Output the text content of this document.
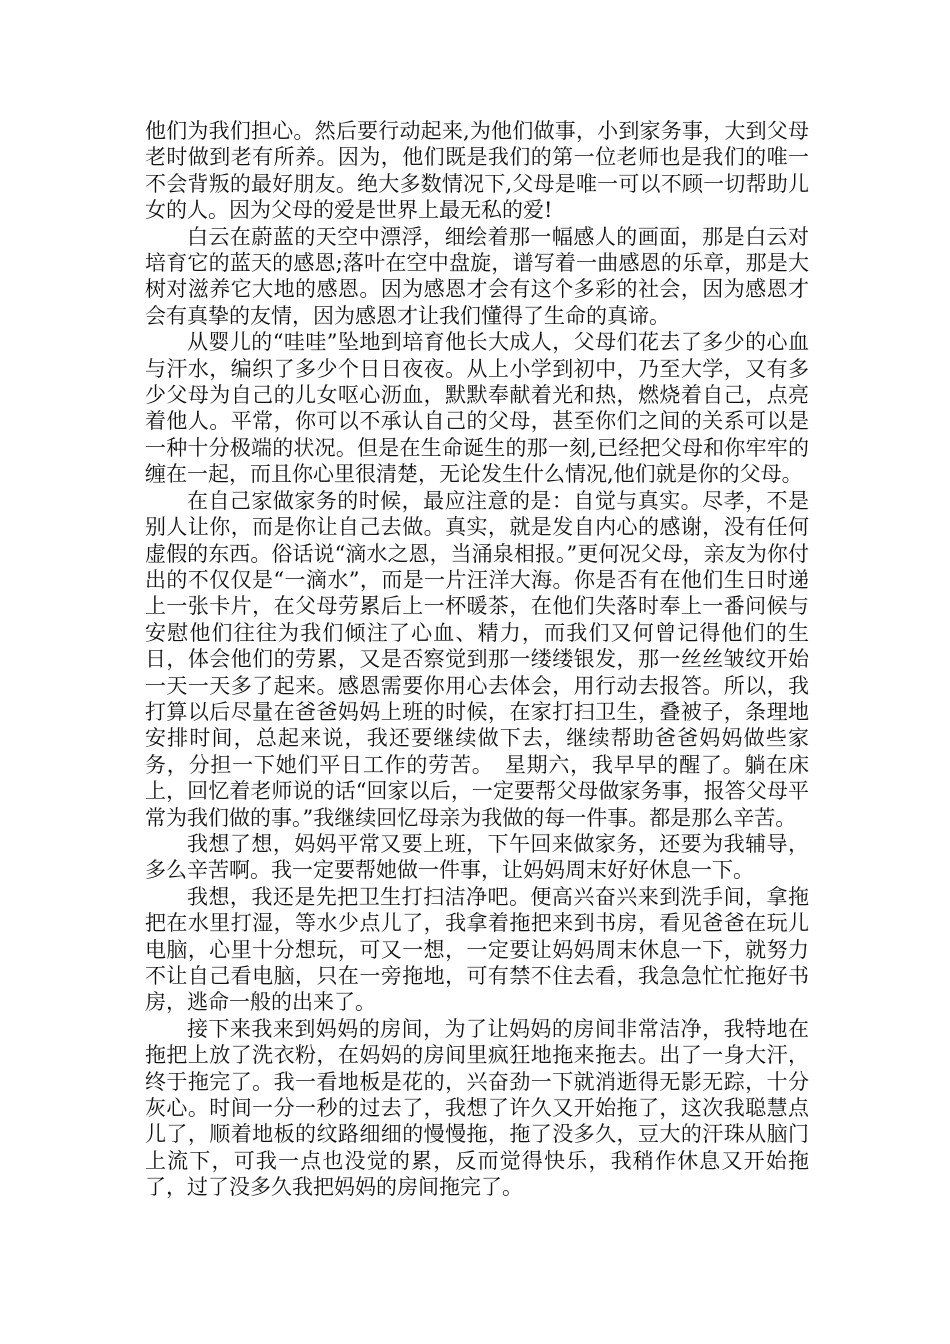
他们为我们担心。然后要行动起来,为他们做事，小到家务事，大到父母老时做到老有所养。因为，他们既是我们的第一位老师也是我们的唯一不会背叛的最好朋友。绝大多数情况下,父母是唯一可以不顾一切帮助儿女的人。因为父母的爱是世界上最无私的爱!

白云在蔚蓝的天空中漂浮，细绘着那一幅感人的画面，那是白云对培育它的蓝天的感恩;落叶在空中盘旋，谱写着一曲感恩的乐章，那是大树对滋养它大地的感恩。因为感恩才会有这个多彩的社会，因为感恩才会有真挚的友情，因为感恩才让我们懂得了生命的真谛。

从婴儿的“哇哇”坠地到培育他长大成人，父母们花去了多少的心血与汗水，编织了多少个日日夜夜。从上小学到初中，乃至大学，又有多少父母为自己的儿女呕心沥血，默默奉献着光和热，燃烧着自己，点亮着他人。平常，你可以不承认自己的父母，甚至你们之间的关系可以是一种十分极端的状况。但是在生命诞生的那一刻,已经把父母和你牢牢的缠在一起，而且你心里很清楚，无论发生什么情况,他们就是你的父母。

在自己家做家务的时候，最应注意的是：自觉与真实。尽孝，不是别人让你，而是你让自己去做。真实，就是发自内心的感谢，没有任何虚假的东西。俗话说“滴水之恩，当涌泉相报。”更何况父母，亲友为你付出的不仅仅是“一滴水”，而是一片汪洋大海。你是否有在他们生日时递上一张卡片，在父母劳累后上一杯暖茶，在他们失落时奉上一番问候与安慰他们往往为我们倾注了心血、精力，而我们又何曾记得他们的生日，体会他们的劳累，又是否察觉到那一缕缕银发，那一丝丝皱纹开始一天一天多了起来。感恩需要你用心去体会，用行动去报答。所以，我打算以后尽量在爸爸妈妈上班的时候，在家打扫卫生，叠被子，条理地安排时间，总起来说，我还要继续做下去，继续帮助爸爸妈妈做些家务，分担一下她们平日工作的劳苦。　星期六，我早早的醒了。躺在床上，回忆着老师说的话“回家以后，一定要帮父母做家务事，报答父母平常为我们做的事。”我继续回忆母亲为我做的每一件事。都是那么辛苦。

我想了想，妈妈平常又要上班，下午回来做家务，还要为我辅导，多么辛苦啊。我一定要帮她做一件事，让妈妈周末好好休息一下。

我想，我还是先把卫生打扫洁净吧。便高兴奋兴来到洗手间，拿拖把在水里打湿，等水少点儿了，我拿着拖把来到书房，看见爸爸在玩儿电脑，心里十分想玩，可又一想，一定要让妈妈周末休息一下，就努力不让自己看电脑，只在一旁拖地，可有禁不住去看，我急急忙忙拖好书房，逃命一般的出来了。

接下来我来到妈妈的房间，为了让妈妈的房间非常洁净，我特地在拖把上放了洗衣粉，在妈妈的房间里疯狂地拖来拖去。出了一身大汗，终于拖完了。我一看地板是花的，兴奋劲一下就消逝得无影无踪，十分灰心。时间一分一秒的过去了，我想了许久又开始拖了，这次我聪慧点儿了，顺着地板的纹路细细的慢慢拖，拖了没多久，豆大的汗珠从脑门上流下，可我一点也没觉的累，反而觉得快乐，我稍作休息又开始拖了，过了没多久我把妈妈的房间拖完了。
